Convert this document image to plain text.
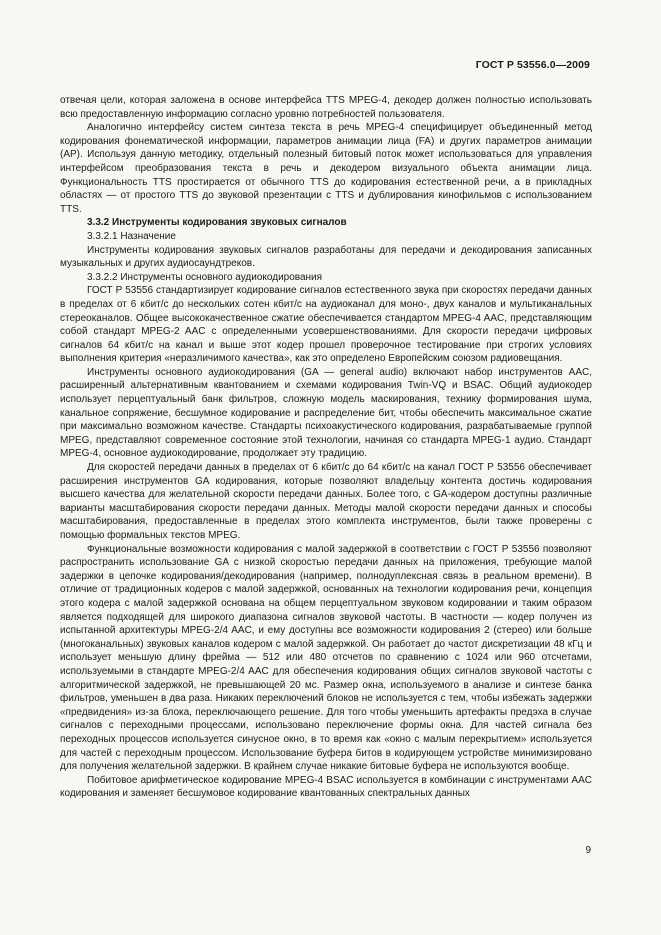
ГОСТ Р 53556.0—2009

отвечая цели, которая заложена в основе интерфейса TTS MPEG-4, декодер должен полностью использовать всю предоставленную информацию согласно уровню потребностей пользователя.

Аналогично интерфейсу систем синтеза текста в речь MPEG-4 специфицирует объединенный метод кодирования фонематической информации, параметров анимации лица (FA) и других параметров анимации (AP). Используя данную методику, отдельный полезный битовый поток может использоваться для управления интерфейсом преобразования текста в речь и декодером визуального объекта анимации лица. Функциональность TTS простирается от обычного TTS до кодирования естественной речи, а в прикладных областях — от простого TTS до звуковой презентации с TTS и дублирования кинофильмов с использованием TTS.

3.3.2 Инструменты кодирования звуковых сигналов

3.3.2.1 Назначение

Инструменты кодирования звуковых сигналов разработаны для передачи и декодирования записанных музыкальных и других аудиосаундтреков.

3.3.2.2 Инструменты основного аудиокодирования

ГОСТ Р 53556 стандартизирует кодирование сигналов естественного звука при скоростях передачи данных в пределах от 6 кбит/с до нескольких сотен кбит/с на аудиоканал для моно-, двух каналов и мультиканальных стереоканалов. Общее высококачественное сжатие обеспечивается стандартом MPEG-4 AAC, представляющим собой стандарт MPEG-2 AAC с определенными усовершенствованиями. Для скорости передачи цифровых сигналов 64 кбит/с на канал и выше этот кодер прошел проверочное тестирование при строгих условиях выполнения критерия «неразличимого качества», как это определено Европейским союзом радиовещания.

Инструменты основного аудиокодирования (GA — general audio) включают набор инструментов AAC, расширенный альтернативным квантованием и схемами кодирования Twin-VQ и BSAC. Общий аудиокодер использует перцептуальный банк фильтров, сложную модель маскирования, технику формирования шума, канальное сопряжение, бесшумное кодирование и распределение бит, чтобы обеспечить максимальное сжатие при максимально возможном качестве. Стандарты психоакустического кодирования, разрабатываемые группой MPEG, представляют современное состояние этой технологии, начиная со стандарта MPEG-1 аудио. Стандарт MPEG-4, основное аудиокодирование, продолжает эту традицию.

Для скоростей передачи данных в пределах от 6 кбит/с до 64 кбит/с на канал ГОСТ Р 53556 обеспечивает расширения инструментов GA кодирования, которые позволяют владельцу контента достичь кодирования высшего качества для желательной скорости передачи данных. Более того, с GA-кодером доступны различные варианты масштабирования скорости передачи данных. Методы малой скорости передачи данных и способы масштабирования, предоставленные в пределах этого комплекта инструментов, были также проверены с помощью формальных текстов MPEG.

Функциональные возможности кодирования с малой задержкой в соответствии с ГОСТ Р 53556 позволяют распространить использование GA с низкой скоростью передачи данных на приложения, требующие малой задержки в цепочке кодирования/декодирования (например, полнодуплексная связь в реальном времени). В отличие от традиционных кодеров с малой задержкой, основанных на технологии кодирования речи, концепция этого кодера с малой задержкой основана на общем перцептуальном звуковом кодировании и таким образом является подходящей для широкого диапазона сигналов звуковой частоты. В частности — кодер получен из испытанной архитектуры MPEG-2/4 AAC, и ему доступны все возможности кодирования 2 (стерео) или больше (многоканальных) звуковых каналов кодером с малой задержкой. Он работает до частот дискретизации 48 кГц и использует меньшую длину фрейма — 512 или 480 отсчетов по сравнению с 1024 или 960 отсчетами, используемыми в стандарте MPEG-2/4 AAC для обеспечения кодирования общих сигналов звуковой частоты с алгоритмической задержкой, не превышающей 20 мс. Размер окна, используемого в анализе и синтезе банка фильтров, уменьшен в два раза. Никаких переключений блоков не используется с тем, чтобы избежать задержки «предвидения» из-за блока, переключающего решение. Для того чтобы уменьшить артефакты предэха в случае сигналов с переходными процессами, использовано переключение формы окна. Для частей сигнала без переходных процессов используется синусное окно, в то время как «окно с малым перекрытием» используется для частей с переходным процессом. Использование буфера битов в кодирующем устройстве минимизировано для получения желательной задержки. В крайнем случае никакие битовые буфера не используются вообще.

Побитовое арифметическое кодирование MPEG-4 BSAC используется в комбинации с инструментами AAC кодирования и заменяет бесшумовое кодирование квантованных спектральных данных

9
